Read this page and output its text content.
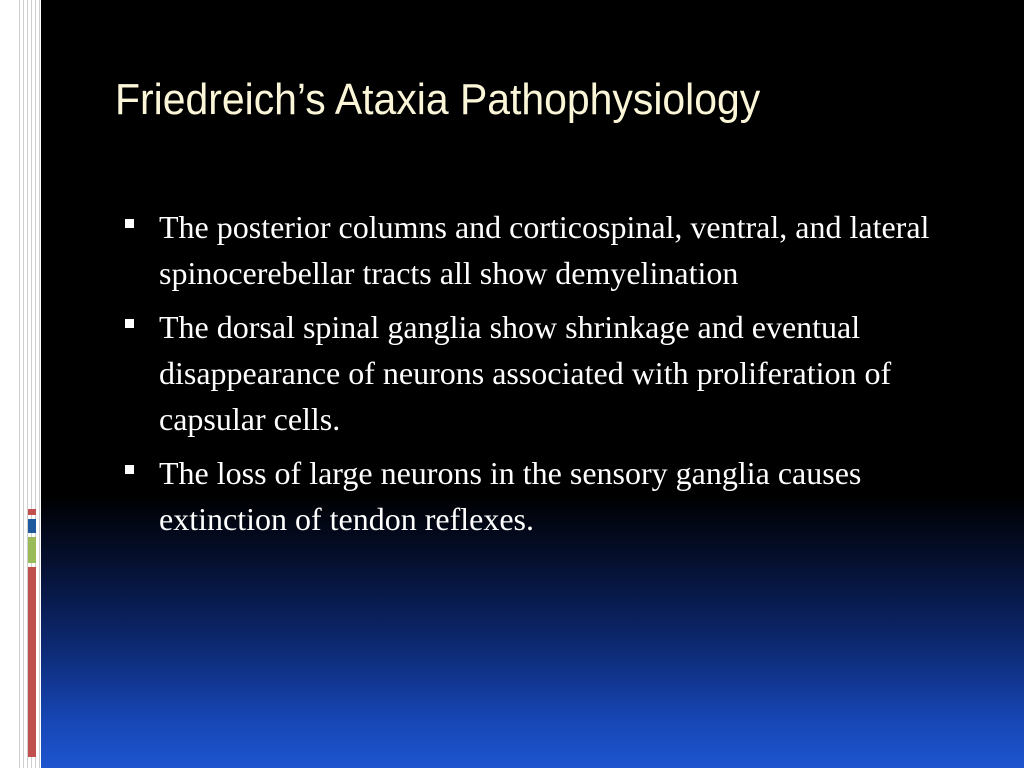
Friedreich’s Ataxia Pathophysiology
The posterior columns and corticospinal, ventral, and lateral spinocerebellar tracts all show demyelination
The dorsal spinal ganglia show shrinkage and eventual disappearance of neurons associated with proliferation of capsular cells.
The loss of large neurons in the sensory ganglia causes extinction of tendon reflexes.
